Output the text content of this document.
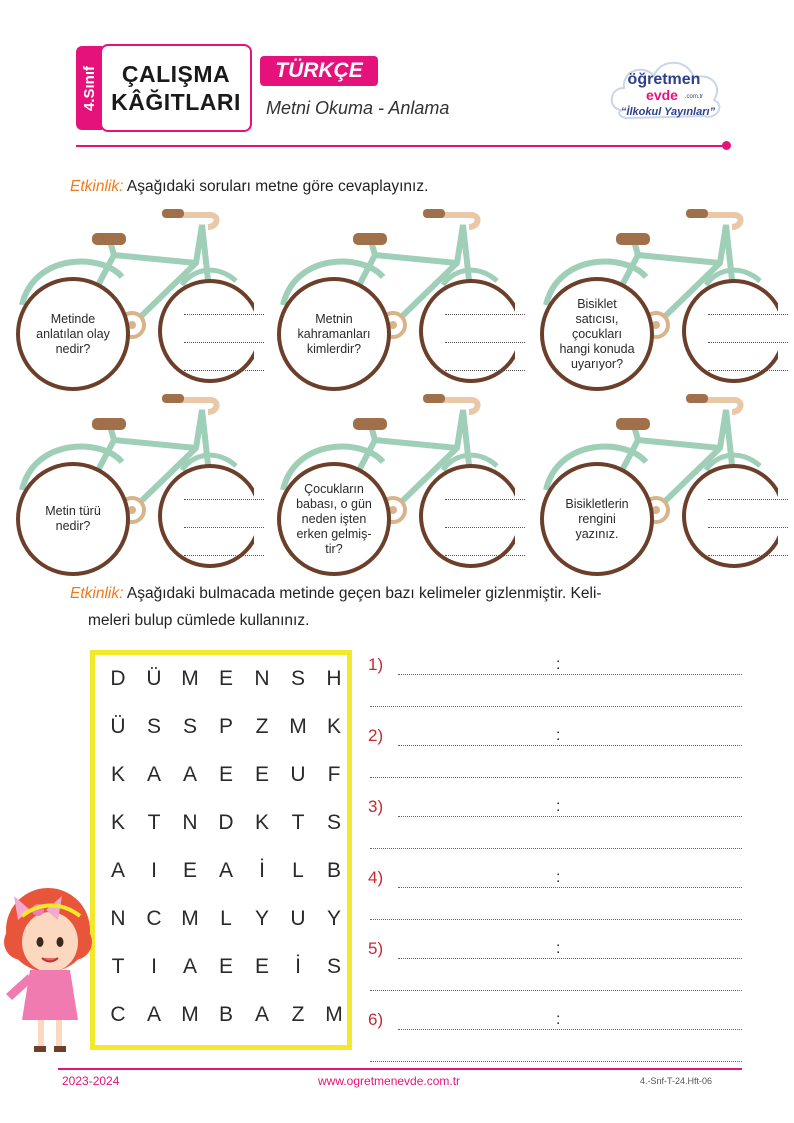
4.Sınıf ÇALIŞMA
KÂĞITLARI
TÜRKÇE
Metni Okuma - Anlama
öğretmen
evde .com.tr
“İlkokul Yayınları”
Etkinlik: Aşağıdaki soruları metne göre cevaplayınız.
Metinde
anlatılan olay
nedir?
Metnin
kahramanları
kimlerdir?
Bisiklet
satıcısı,
çocukları
hangi konuda
uyarıyor?
Metin türü
nedir?
Çocukların
babası, o gün
neden işten
erken gelmiş-
tir?
Bisikletlerin
rengini
yazınız.
Etkinlik: Aşağıdaki bulmacada metinde geçen bazı kelimeler gizlenmiştir. Keli-
meleri bulup cümlede kullanınız.
D Ü M E	N	S	H
Ü	S	S	P	Z M K
K	A	A	E	E	U	F
K	T	N D	K	T	S
A	I	E	A	İ	L	B
N C M	L	Y	U	Y
T	I	A	E	E	İ	S
C	A M B	A	Z M
1)	:
2)	:
3)	:
4)	:
5)	:
6)	:
2023-2024	www.ogretmenevde.com.tr	4.-Snf-T-24.Hft-06
